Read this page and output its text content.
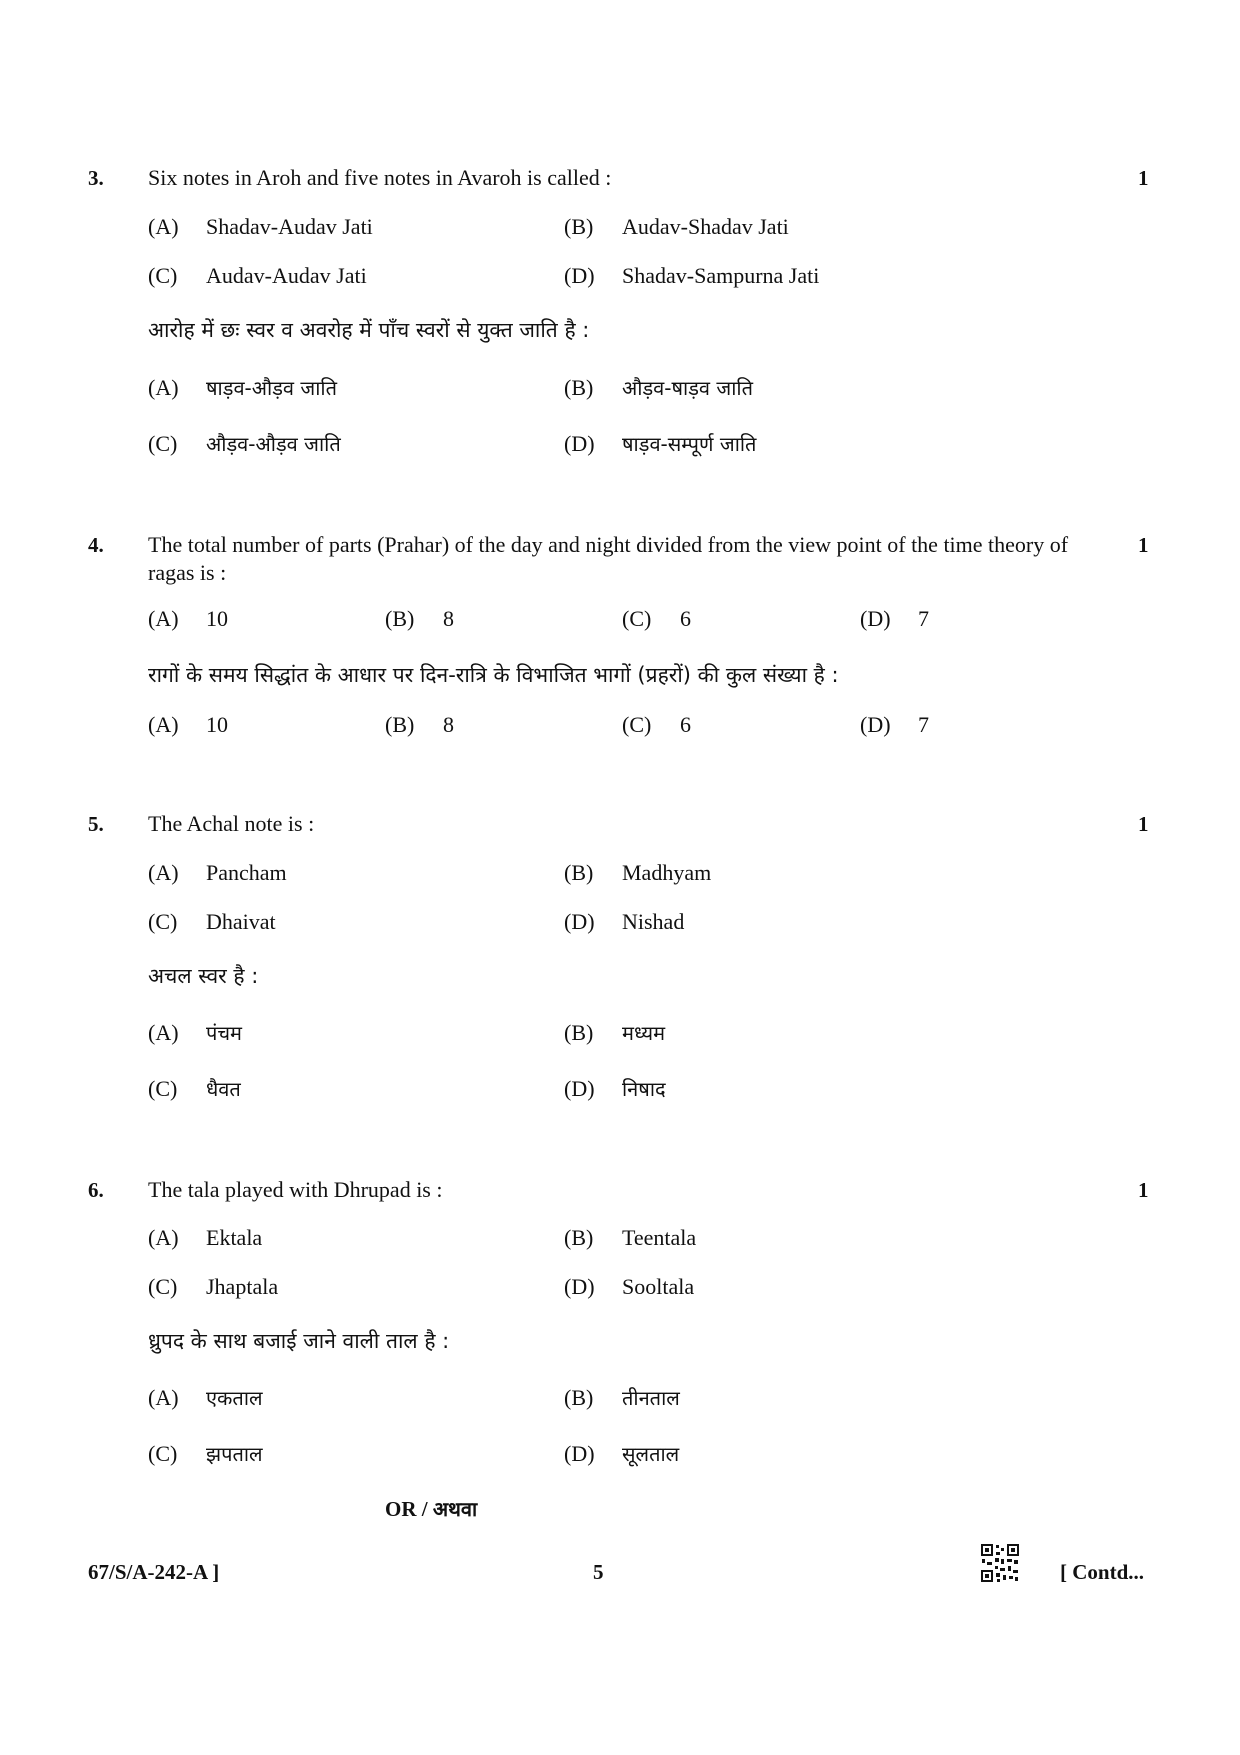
3. Six notes in Aroh and five notes in Avaroh is called :	1
(A) Shadav-Audav Jati	(B) Audav-Shadav Jati
(C) Audav-Audav Jati	(D) Shadav-Sampurna Jati
आरोह में छः स्वर व अवरोह में पाँच स्वरों से युक्त जाति है :
(A) षाड़व-औड़व जाति	(B) औड़व-षाड़व जाति
(C) औड़व-औड़व जाति	(D) षाड़व-सम्पूर्ण जाति
4. The total number of parts (Prahar) of the day and night divided from the view point of the time theory of ragas is :
1
(A) 10	(B) 8	(C) 6	(D) 7
रागों के समय सिद्धांत के आधार पर दिन-रात्रि के विभाजित भागों (प्रहरों) की कुल संख्या है :
(A) 10	(B) 8	(C) 6	(D) 7
5. The Achal note is :	1
(A) Pancham	(B) Madhyam
(C) Dhaivat	(D) Nishad
अचल स्वर है :
(A) पंचम	(B) मध्यम
(C) धैवत	(D) निषाद
6. The tala played with Dhrupad is :	1
(A) Ektala	(B) Teentala
(C) Jhaptala	(D) Sooltala
ध्रुपद के साथ बजाई जाने वाली ताल है :
(A) एकताल	(B) तीनताल
(C) झपताल	(D) सूलताल
OR / अथवा
67/S/A-242-A ]	5	[ Contd...
